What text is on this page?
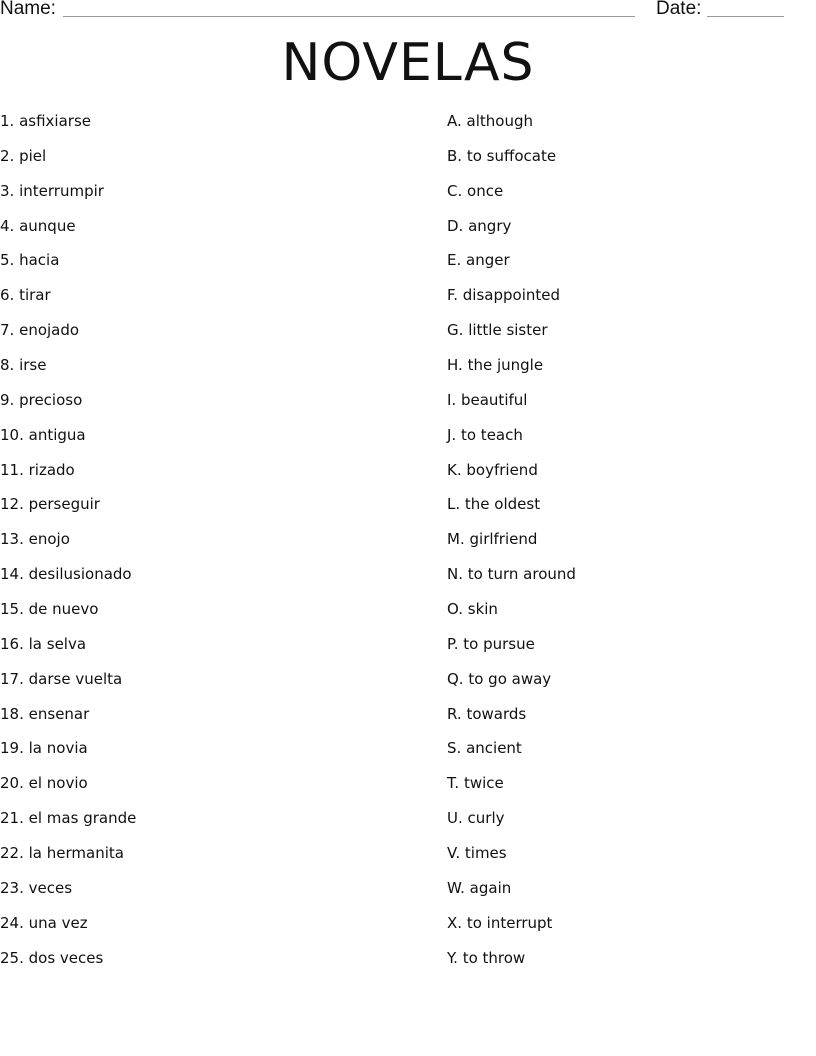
Name:	Date:
NOVELAS
1. asfixiarse
2. piel
3. interrumpir
4. aunque
5. hacia
6. tirar
7. enojado
8. irse
9. precioso
10. antigua
11. rizado
12. perseguir
13. enojo
14. desilusionado
15. de nuevo
16. la selva
17. darse vuelta
18. ensenar
19. la novia
20. el novio
21. el mas grande
22. la hermanita
23. veces
24. una vez
25. dos veces
A. although
B. to suffocate
C. once
D. angry
E. anger
F. disappointed
G. little sister
H. the jungle
I. beautiful
J. to teach
K. boyfriend
L. the oldest
M. girlfriend
N. to turn around
O. skin
P. to pursue
Q. to go away
R. towards
S. ancient
T. twice
U. curly
V. times
W. again
X. to interrupt
Y. to throw
